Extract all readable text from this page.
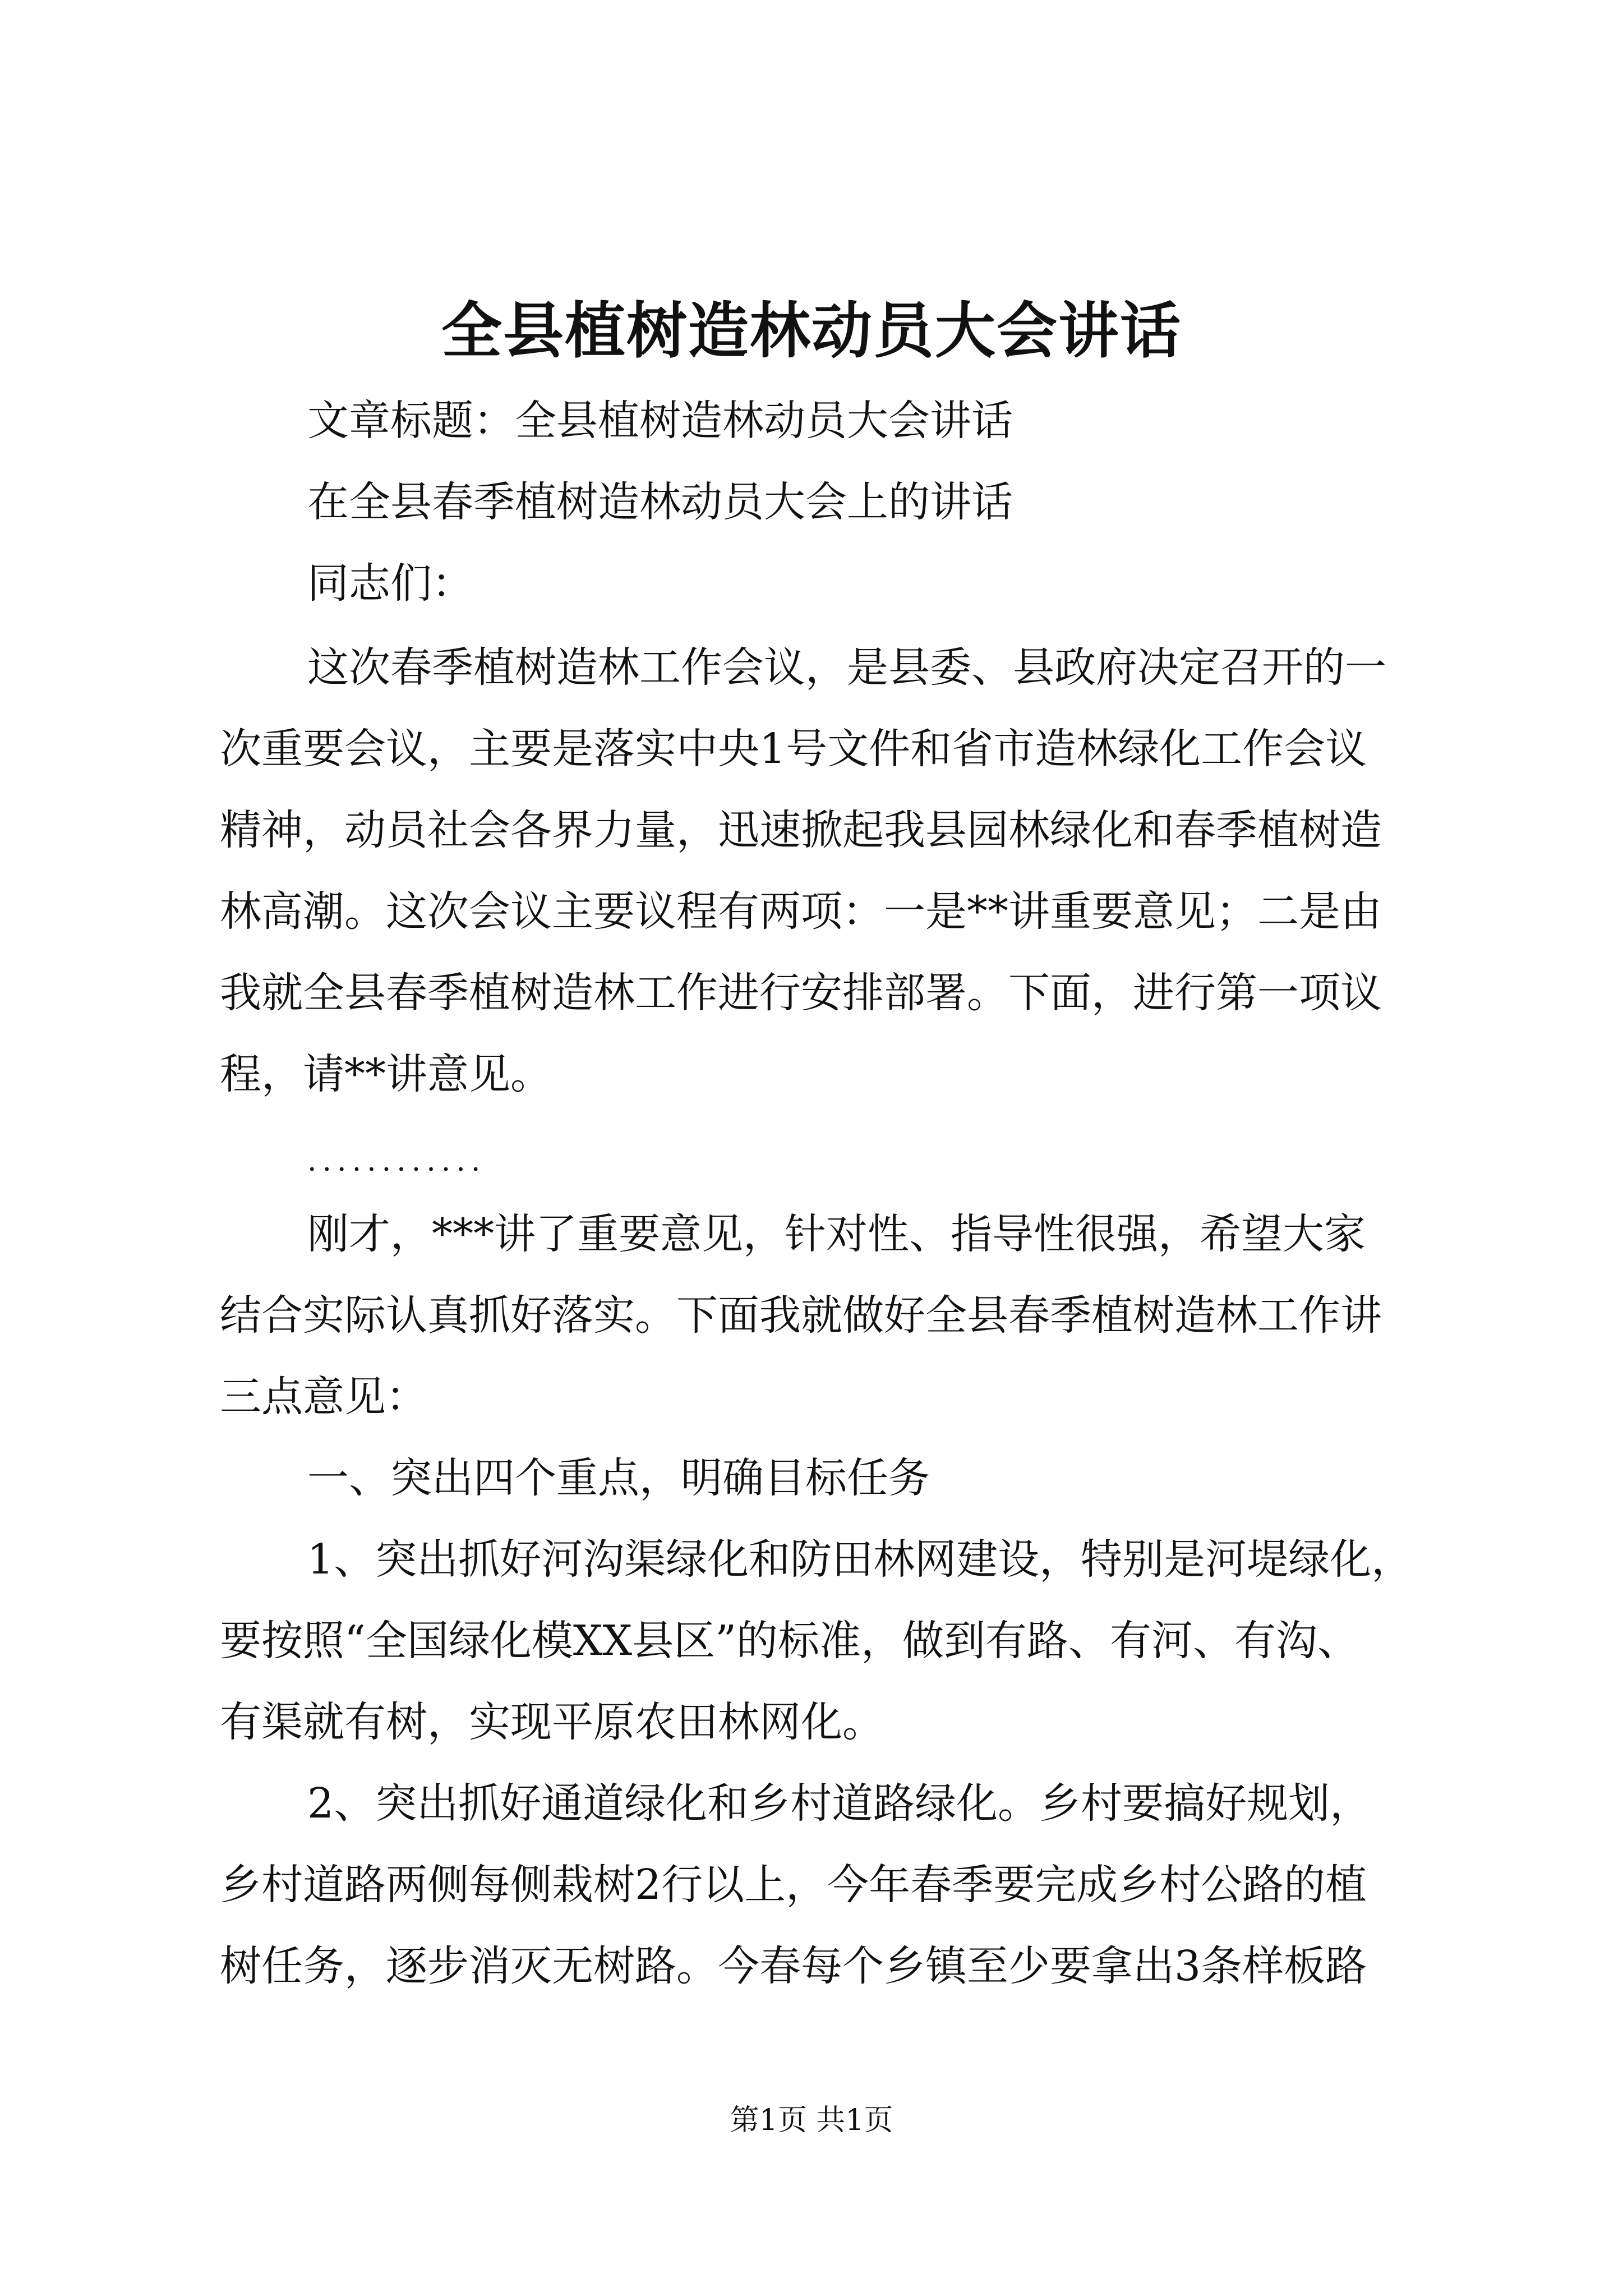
全县植树造林动员大会讲话
文章标题：全县植树造林动员大会讲话
在全县春季植树造林动员大会上的讲话
同志们：
这次春季植树造林工作会议，是县委、县政府决定召开的一
次重要会议，主要是落实中央1号文件和省市造林绿化工作会议
精神，动员社会各界力量，迅速掀起我县园林绿化和春季植树造
林高潮。这次会议主要议程有两项：一是**讲重要意见；二是由
我就全县春季植树造林工作进行安排部署。下面，进行第一项议
程，请**讲意见。
............
刚才，***讲了重要意见，针对性、指导性很强，希望大家
结合实际认真抓好落实。下面我就做好全县春季植树造林工作讲
三点意见：
一、突出四个重点，明确目标任务
1、突出抓好河沟渠绿化和防田林网建设，特别是河堤绿化，
要按照“全国绿化模XX县区”的标准，做到有路、有河、有沟、
有渠就有树，实现平原农田林网化。
2、突出抓好通道绿化和乡村道路绿化。乡村要搞好规划，
乡村道路两侧每侧栽树2行以上，今年春季要完成乡村公路的植
树任务，逐步消灭无树路。今春每个乡镇至少要拿出3条样板路
第1页 共1页
